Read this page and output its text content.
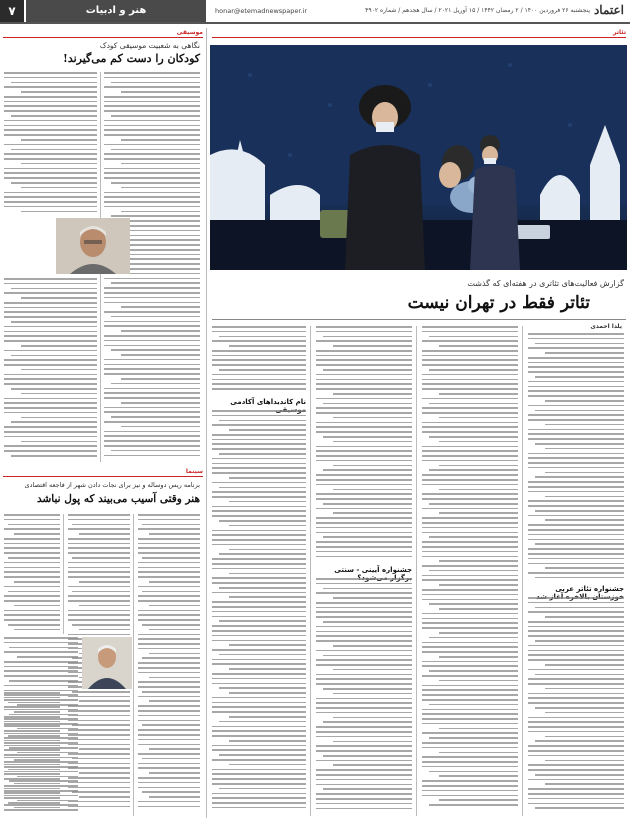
اعتماد
پنجشنبه ۲۶ فروردین ۱۴۰۰ / ۲ رمضان ۱۴۴۲ / ۱۵ آوریل ۲۰۲۱ / سال هجدهم / شماره ۴۹۰۲
honar@etemadnewspaper.ir
هنر و ادبیات
۷
تئاتر
موسیقی
سینما
گزارش فعالیت‌های تئاتری در هفته‌ای که گذشت
تئاتر فقط در تهران نیست
یلدا احمدی
جشنواره تئاتر عربی
جشنواره آیینی - سنتی
نام کاندیداهای آکادمی
نگاهی به شعبیت موسیقی کودک
کودکان را دست کم می‌گیرند!
برنامه ریس دوساله و نیز برای نجات دادن شهر از فاجعه اقتصادی
هنر وقتی آسیب می‌بیند که پول نباشد
